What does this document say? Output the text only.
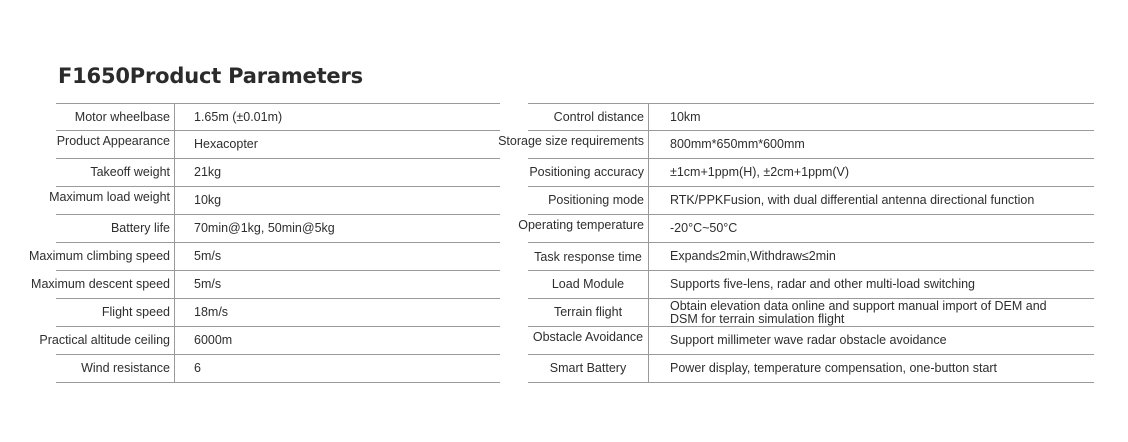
F1650Product Parameters
Motor wheelbase 1.65m (±0.01m)
Product Appearance Hexacopter
Takeoff weight 21kg
Maximum load weight 10kg
Battery life 70min@1kg, 50min@5kg
Maximum climbing speed 5m/s
Maximum descent speed 5m/s
Flight speed 18m/s
Practical altitude ceiling 6000m
Wind resistance 6
Control distance 10km
Storage size requirements 800mm*650mm*600mm
Positioning accuracy ±1cm+1ppm(H), ±2cm+1ppm(V)
Positioning mode RTK/PPKFusion, with dual differential antenna directional function
Operating temperature -20°C~50°C
Task response time	Expand≤2min,Withdraw≤2min
Load Module	Supports five-lens, radar and other multi-load switching
Terrain flight	Obtain elevation data online and support manual import of DEM and DSM for terrain simulation flight
Obstacle Avoidance	Support millimeter wave radar obstacle avoidance
Smart Battery	Power display, temperature compensation, one-button start
